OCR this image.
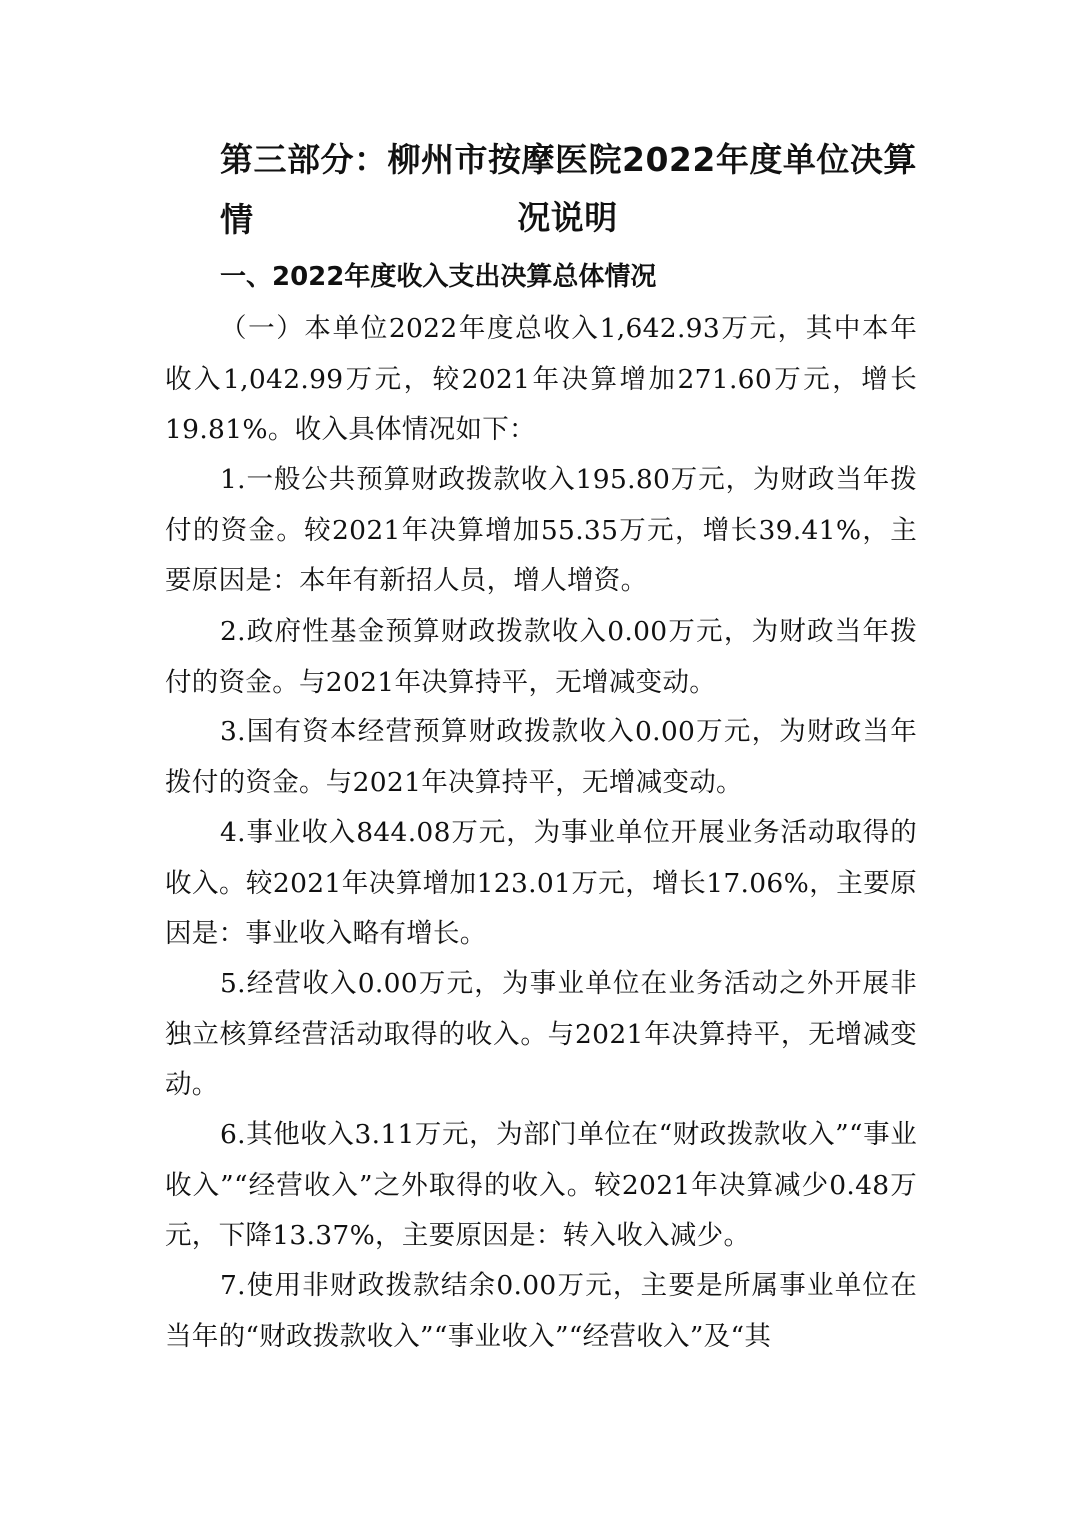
第三部分：柳州市按摩医院2022年度单位决算情	况说明
一、2022年度收入支出决算总体情况

（一）本单位2022年度总收入1,642.93万元，其中本年收入1,042.99万元，较2021年决算增加271.60万元，增长19.81%。收入具体情况如下：

1.一般公共预算财政拨款收入195.80万元，为财政当年拨付的资金。较2021年决算增加55.35万元，增长39.41%，主要原因是：本年有新招人员，增人增资。

2.政府性基金预算财政拨款收入0.00万元，为财政当年拨付的资金。与2021年决算持平，无增减变动。

3.国有资本经营预算财政拨款收入0.00万元，为财政当年拨付的资金。与2021年决算持平，无增减变动。

4.事业收入844.08万元，为事业单位开展业务活动取得的收入。较2021年决算增加123.01万元，增长17.06%，主要原因是：事业收入略有增长。

5.经营收入0.00万元，为事业单位在业务活动之外开展非独立核算经营活动取得的收入。与2021年决算持平，无增减变动。

6.其他收入3.11万元，为部门单位在“财政拨款收入”“事业收入”“经营收入”之外取得的收入。较2021年决算减少0.48万元，下降13.37%，主要原因是：转入收入减少。

7.使用非财政拨款结余0.00万元，主要是所属事业单位在当年的“财政拨款收入”“事业收入”“经营收入”及“其
